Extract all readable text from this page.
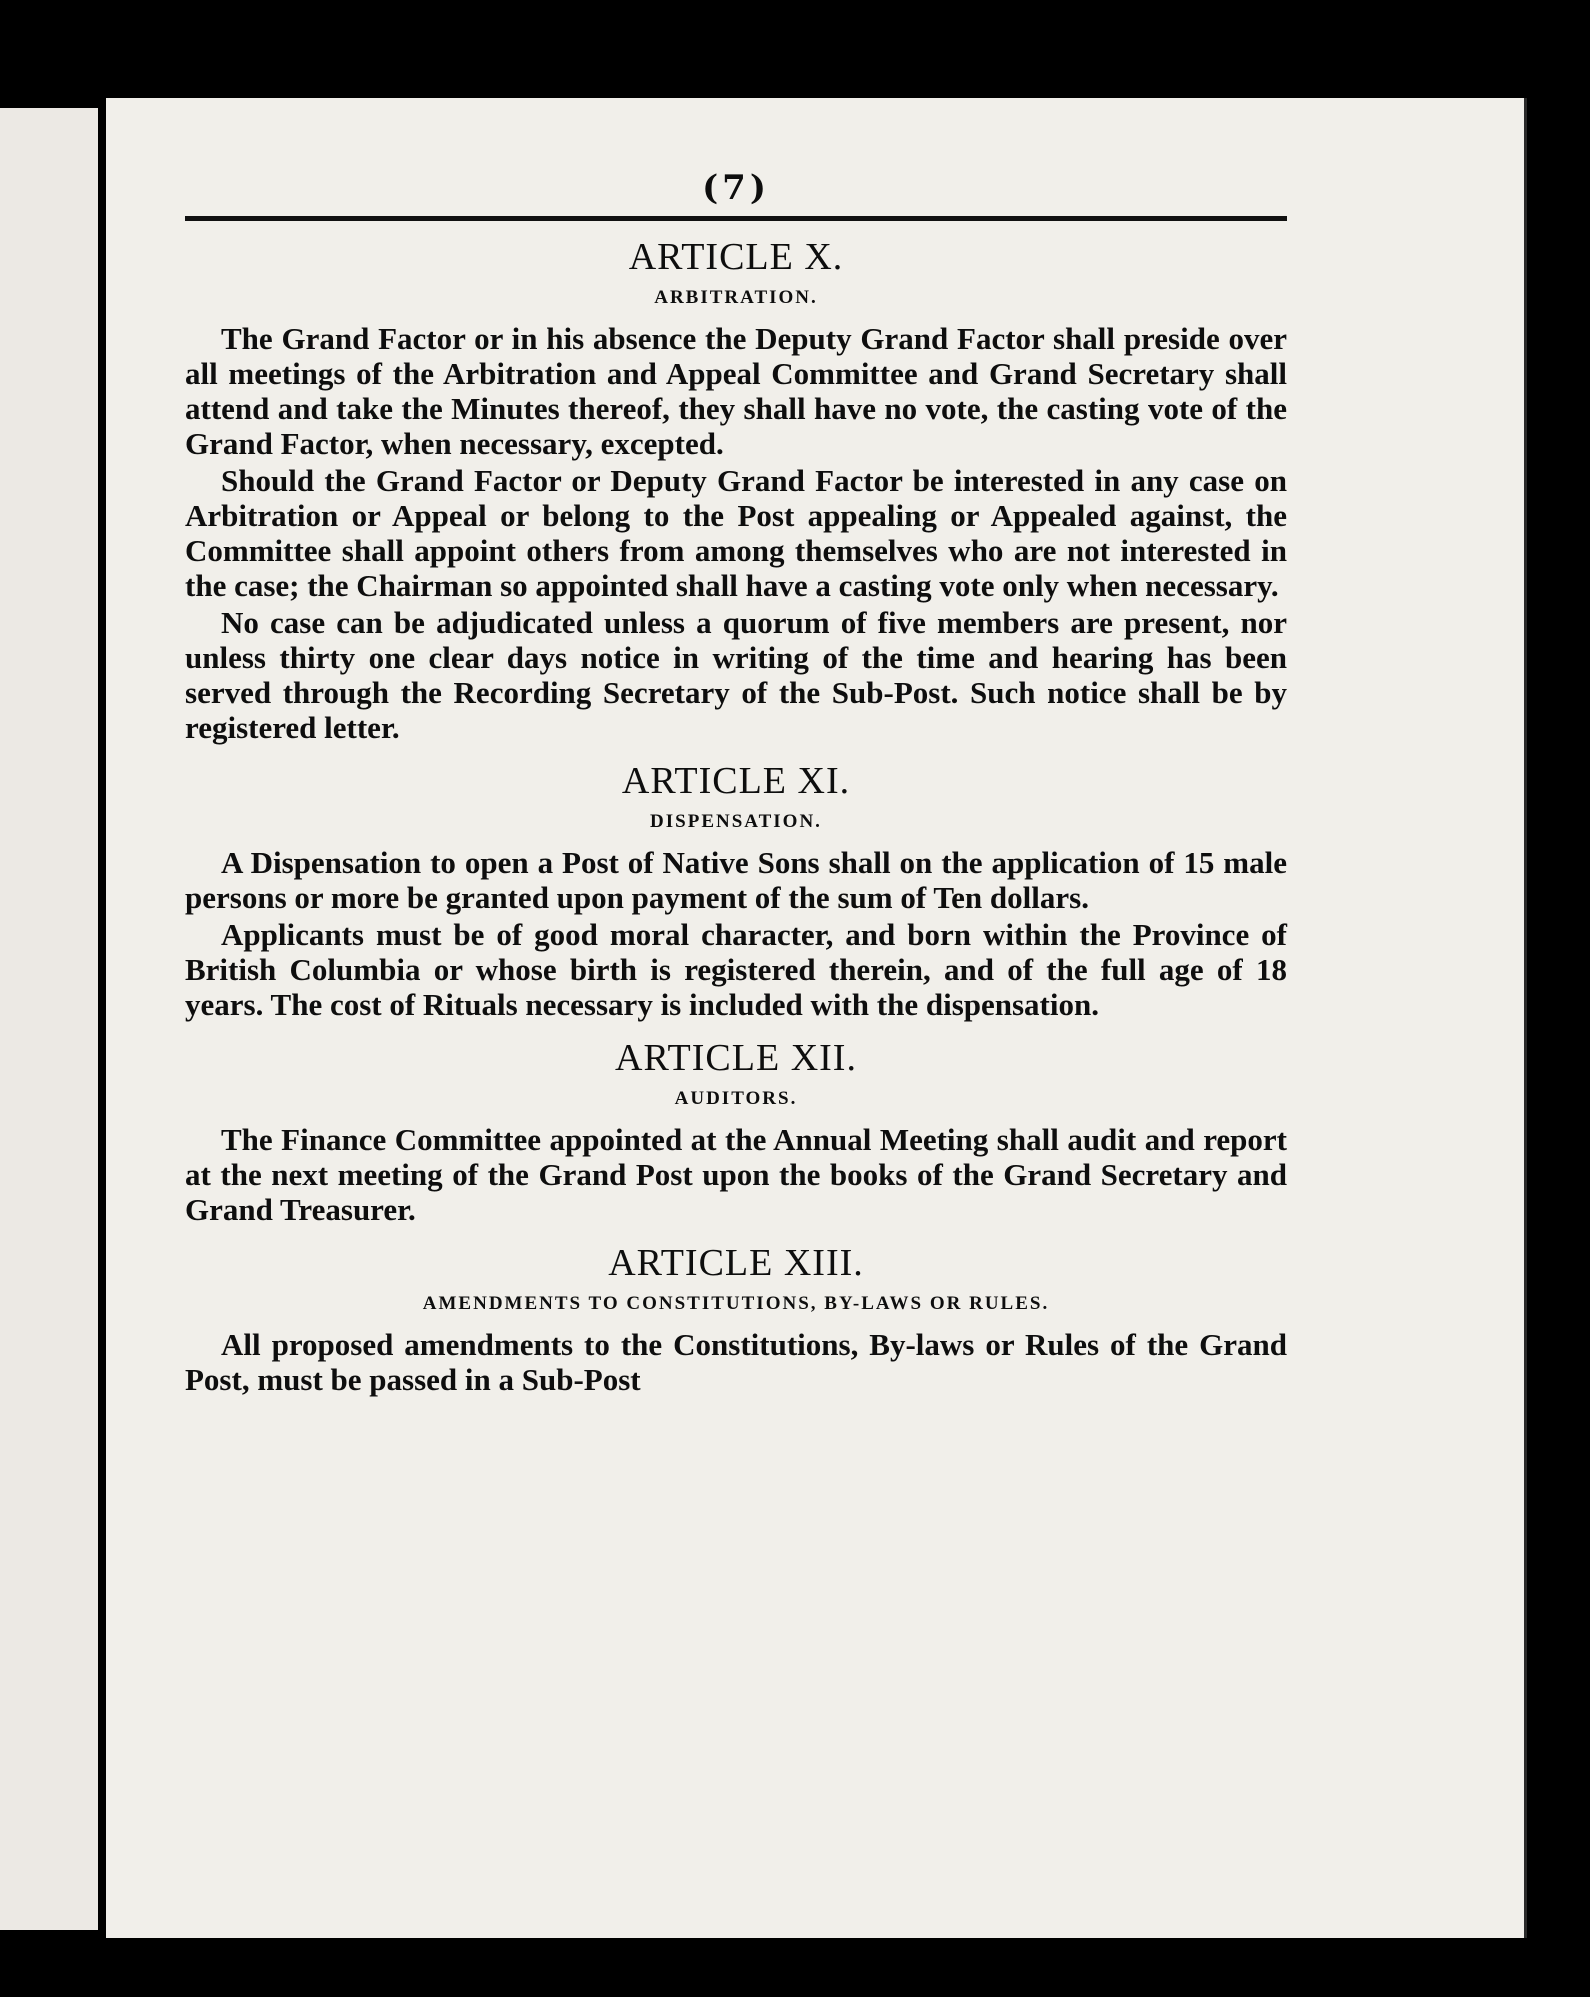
(7)
ARTICLE X.
ARBITRATION.

The Grand Factor or in his absence the Deputy Grand Factor shall preside over all meetings of the Arbitration and Appeal Committee and Grand Secretary shall attend and take the Minutes thereof, they shall have no vote, the casting vote of the Grand Factor, when necessary, excepted.

Should the Grand Factor or Deputy Grand Factor be interested in any case on Arbitration or Appeal or belong to the Post appealing or Appealed against, the Committee shall appoint others from among themselves who are not interested in the case; the Chairman so appointed shall have a casting vote only when necessary.

No case can be adjudicated unless a quorum of five members are present, nor unless thirty one clear days notice in writing of the time and hearing has been served through the Recording Secretary of the Sub-Post. Such notice shall be by registered letter.

ARTICLE XI.
DISPENSATION.

A Dispensation to open a Post of Native Sons shall on the application of 15 male persons or more be granted upon payment of the sum of Ten dollars.

Applicants must be of good moral character, and born within the Province of British Columbia or whose birth is registered therein, and of the full age of 18 years. The cost of Rituals necessary is included with the dispensation.

ARTICLE XII.
AUDITORS.

The Finance Committee appointed at the Annual Meeting shall audit and report at the next meeting of the Grand Post upon the books of the Grand Secretary and Grand Treasurer.

ARTICLE XIII.
AMENDMENTS TO CONSTITUTIONS, BY-LAWS OR RULES.

All proposed amendments to the Constitutions, By-laws or Rules of the Grand Post, must be passed in a Sub-Post
